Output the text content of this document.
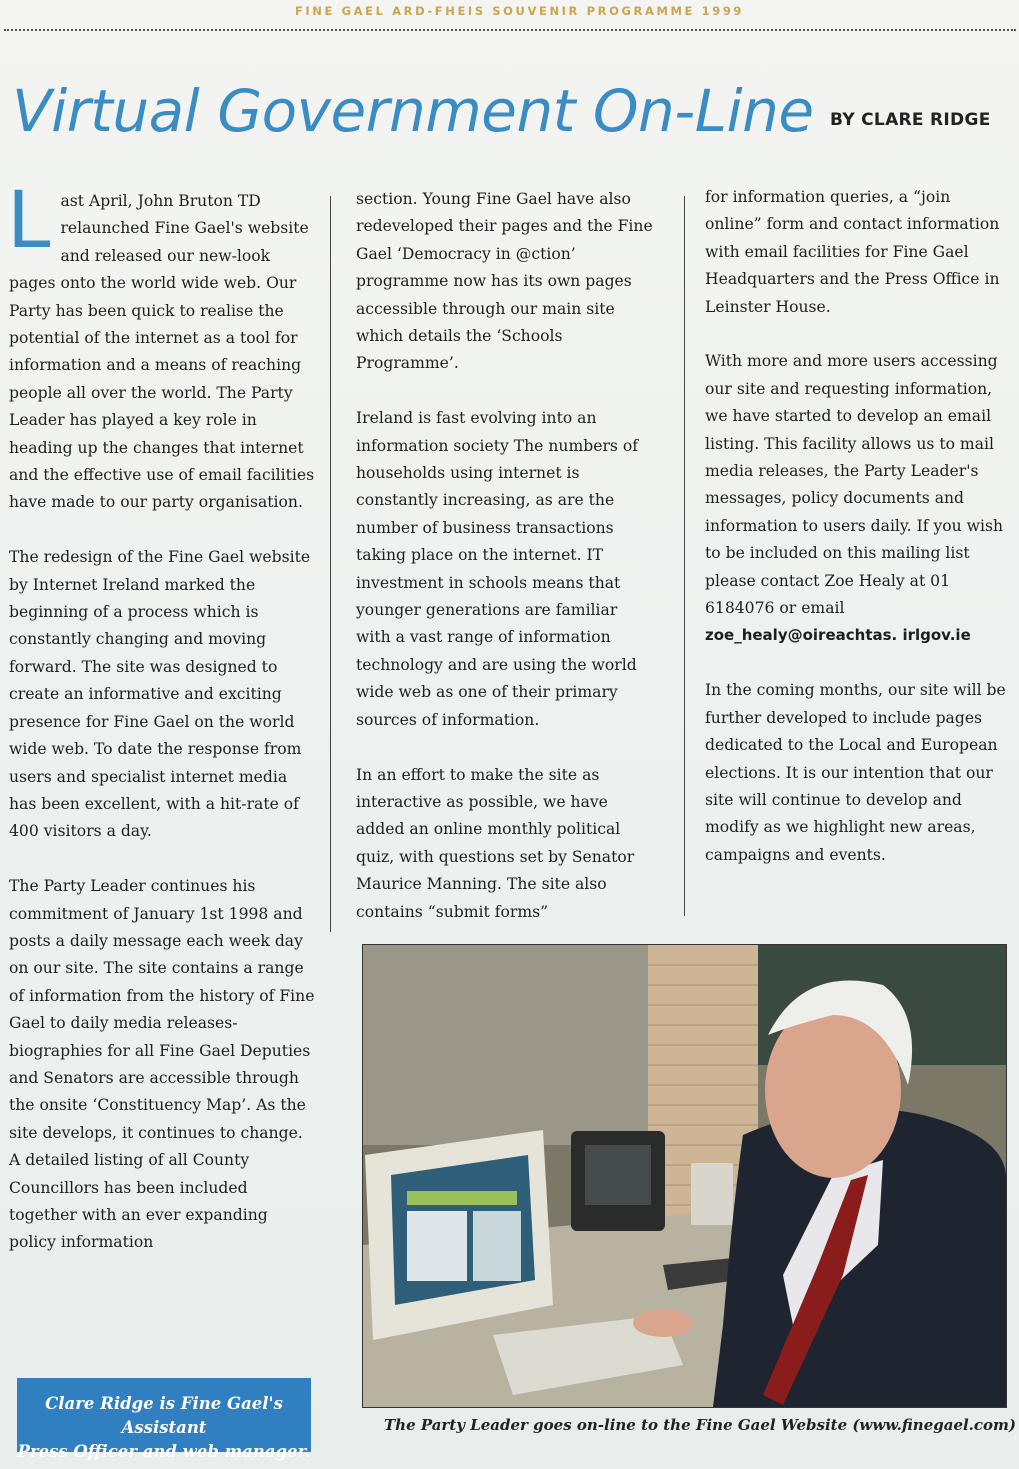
FINE GAEL ARD-FHEIS SOUVENIR PROGRAMME 1999
Virtual Government On-Line BY CLARE RIDGE

Last April, John Bruton TD relaunched Fine Gael's website and released our new-look pages onto the world wide web. Our Party has been quick to realise the potential of the internet as a tool for information and a means of reaching people all over the world. The Party Leader has played a key role in heading up the changes that internet and the effective use of email facilities have made to our party organisation.

The redesign of the Fine Gael website by Internet Ireland marked the beginning of a process which is constantly changing and moving forward. The site was designed to create an informative and exciting presence for Fine Gael on the world wide web. To date the response from users and specialist internet media has been excellent, with a hit-rate of 400 visitors a day.

The Party Leader continues his commitment of January 1st 1998 and posts a daily message each week day on our site. The site contains a range of information from the history of Fine Gael to daily media releases-biographies for all Fine Gael Deputies and Senators are accessible through the onsite ‘Constituency Map’. As the site develops, it continues to change. A detailed listing of all County Councillors has been included together with an ever expanding policy information

section. Young Fine Gael have also redeveloped their pages and the Fine Gael ‘Democracy in @ction’ programme now has its own pages accessible through our main site which details the ‘Schools Programme’.

Ireland is fast evolving into an information society The numbers of households using internet is constantly increasing, as are the number of business transactions taking place on the internet. IT investment in schools means that younger generations are familiar with a vast range of information technology and are using the world wide web as one of their primary sources of information.

In an effort to make the site as interactive as possible, we have added an online monthly political quiz, with questions set by Senator Maurice Manning. The site also contains “submit forms”

for information queries, a “join online” form and contact information with email facilities for Fine Gael Headquarters and the Press Office in Leinster House.

With more and more users accessing our site and requesting information, we have started to develop an email listing. This facility allows us to mail media releases, the Party Leader's messages, policy documents and information to users daily. If you wish to be included on this mailing list please contact Zoe Healy at 01 6184076 or email
zoe_healy@oireachtas. irlgov.ie

In the coming months, our site will be further developed to include pages dedicated to the Local and European elections. It is our intention that our site will continue to develop and modify as we highlight new areas, campaigns and events.

The Party Leader goes on-line to the Fine Gael Website (www.finegael.com)
Clare Ridge is Fine Gael's Assistant
Press Officer and web manager.
